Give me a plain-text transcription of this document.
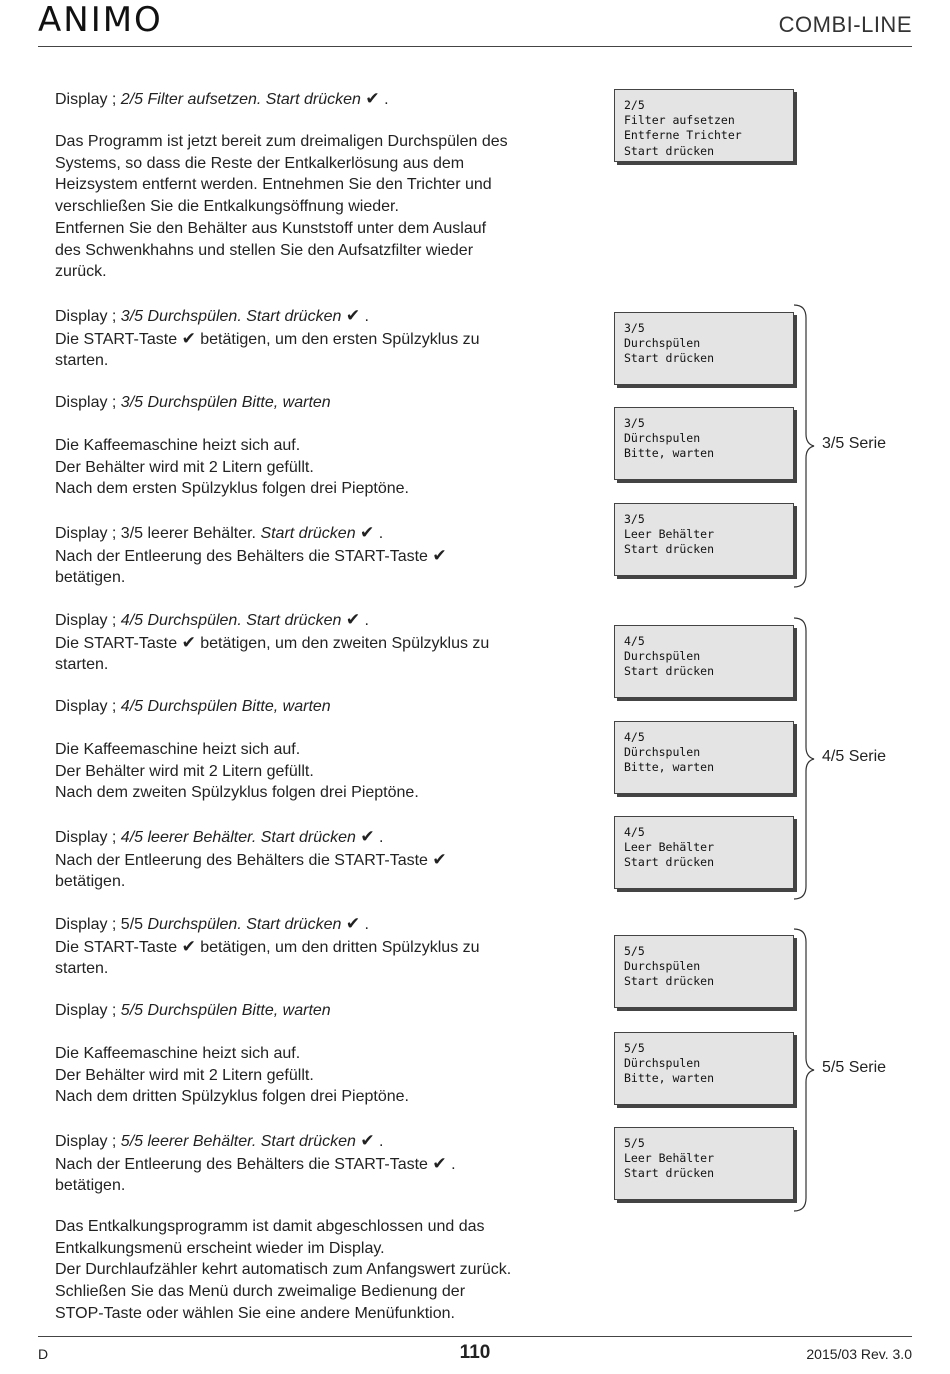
ANIMO	COMBI-LINE
Display ; 2/5 Filter aufsetzen. Start drücken ✔ .
Das Programm ist jetzt bereit zum dreimaligen Durchspülen des
Systems, so dass die Reste der Entkalkerlösung aus dem
Heizsystem entfernt werden. Entnehmen Sie den Trichter und
verschließen Sie die Entkalkungsöffnung wieder.
Entfernen Sie den Behälter aus Kunststoff unter dem Auslauf
des Schwenkhahns und stellen Sie den Aufsatzfilter wieder
zurück.
Display ; 3/5 Durchspülen. Start drücken ✔ .
Die START-Taste ✔ betätigen, um den ersten Spülzyklus zu
starten.
Display ; 3/5 Durchspülen Bitte, warten
Die Kaffeemaschine heizt sich auf.
Der Behälter wird mit 2 Litern gefüllt.
Nach dem ersten Spülzyklus folgen drei Pieptöne.
Display ; 3/5 leerer Behälter. Start drücken ✔ .
Nach der Entleerung des Behälters die START-Taste ✔
betätigen.
Display ; 4/5 Durchspülen. Start drücken ✔ .
Die START-Taste ✔ betätigen, um den zweiten Spülzyklus zu
starten.
Display ; 4/5 Durchspülen Bitte, warten
Die Kaffeemaschine heizt sich auf.
Der Behälter wird mit 2 Litern gefüllt.
Nach dem zweiten Spülzyklus folgen drei Pieptöne.
Display ; 4/5 leerer Behälter. Start drücken ✔ .
Nach der Entleerung des Behälters die START-Taste ✔
betätigen.
Display ; 5/5 Durchspülen. Start drücken ✔ .
Die START-Taste ✔ betätigen, um den dritten Spülzyklus zu
starten.
Display ; 5/5 Durchspülen Bitte, warten
Die Kaffeemaschine heizt sich auf.
Der Behälter wird mit 2 Litern gefüllt.
Nach dem dritten Spülzyklus folgen drei Pieptöne.
Display ; 5/5 leerer Behälter. Start drücken ✔ .
Nach der Entleerung des Behälters die START-Taste ✔ .
betätigen.
Das Entkalkungsprogramm ist damit abgeschlossen und das
Entkalkungsmenü erscheint wieder im Display.
Der Durchlaufzähler kehrt automatisch zum Anfangswert zurück.
Schließen Sie das Menü durch zweimalige Bedienung der
STOP-Taste oder wählen Sie eine andere Menüfunktion.
2/5
Filter aufsetzen
Entferne Trichter
Start drücken
3/5
Durchspülen
Start drücken
3/5
Dürchspulen
Bitte, warten
3/5
Leer Behälter
Start drücken
4/5
Durchspülen
Start drücken
4/5
Dürchspulen
Bitte, warten
4/5
Leer Behälter
Start drücken
5/5
Durchspülen
Start drücken
5/5
Dürchspulen
Bitte, warten
5/5
Leer Behälter
Start drücken
3/5 Serie
4/5 Serie
5/5 Serie
D	110	2015/03 Rev. 3.0
